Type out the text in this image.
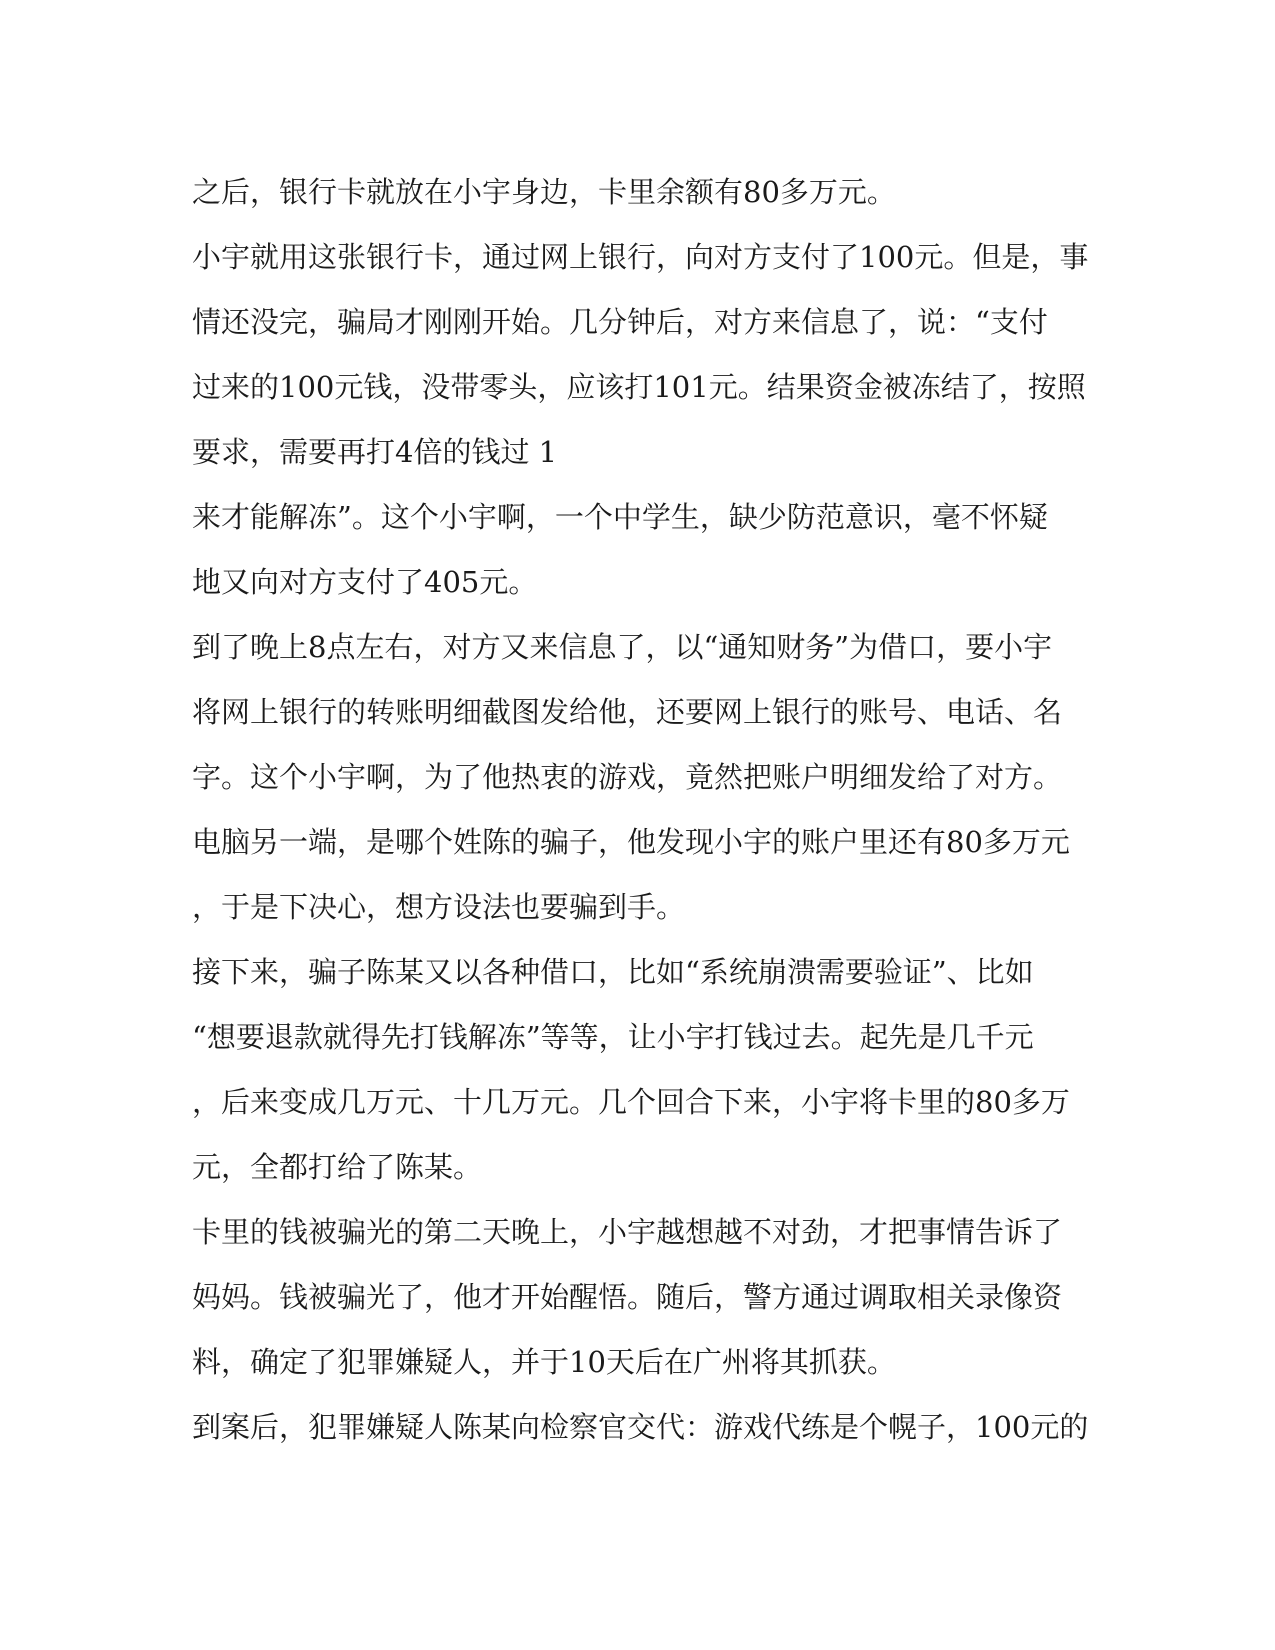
之后，银行卡就放在小宇身边，卡里余额有80多万元。
小宇就用这张银行卡，通过网上银行，向对方支付了100元。但是，事
情还没完，骗局才刚刚开始。几分钟后，对方来信息了，说：“支付
过来的100元钱，没带零头，应该打101元。结果资金被冻结了，按照
要求，需要再打4倍的钱过 1
来才能解冻”。这个小宇啊，一个中学生，缺少防范意识，毫不怀疑
地又向对方支付了405元。
到了晚上8点左右，对方又来信息了，以“通知财务”为借口，要小宇
将网上银行的转账明细截图发给他，还要网上银行的账号、电话、名
字。这个小宇啊，为了他热衷的游戏，竟然把账户明细发给了对方。
电脑另一端，是哪个姓陈的骗子，他发现小宇的账户里还有80多万元
，于是下决心，想方设法也要骗到手。
接下来，骗子陈某又以各种借口，比如“系统崩溃需要验证”、比如
“想要退款就得先打钱解冻”等等，让小宇打钱过去。起先是几千元
，后来变成几万元、十几万元。几个回合下来，小宇将卡里的80多万
元，全都打给了陈某。
卡里的钱被骗光的第二天晚上，小宇越想越不对劲，才把事情告诉了
妈妈。钱被骗光了，他才开始醒悟。随后，警方通过调取相关录像资
料，确定了犯罪嫌疑人，并于10天后在广州将其抓获。
到案后，犯罪嫌疑人陈某向检察官交代：游戏代练是个幌子，100元的
